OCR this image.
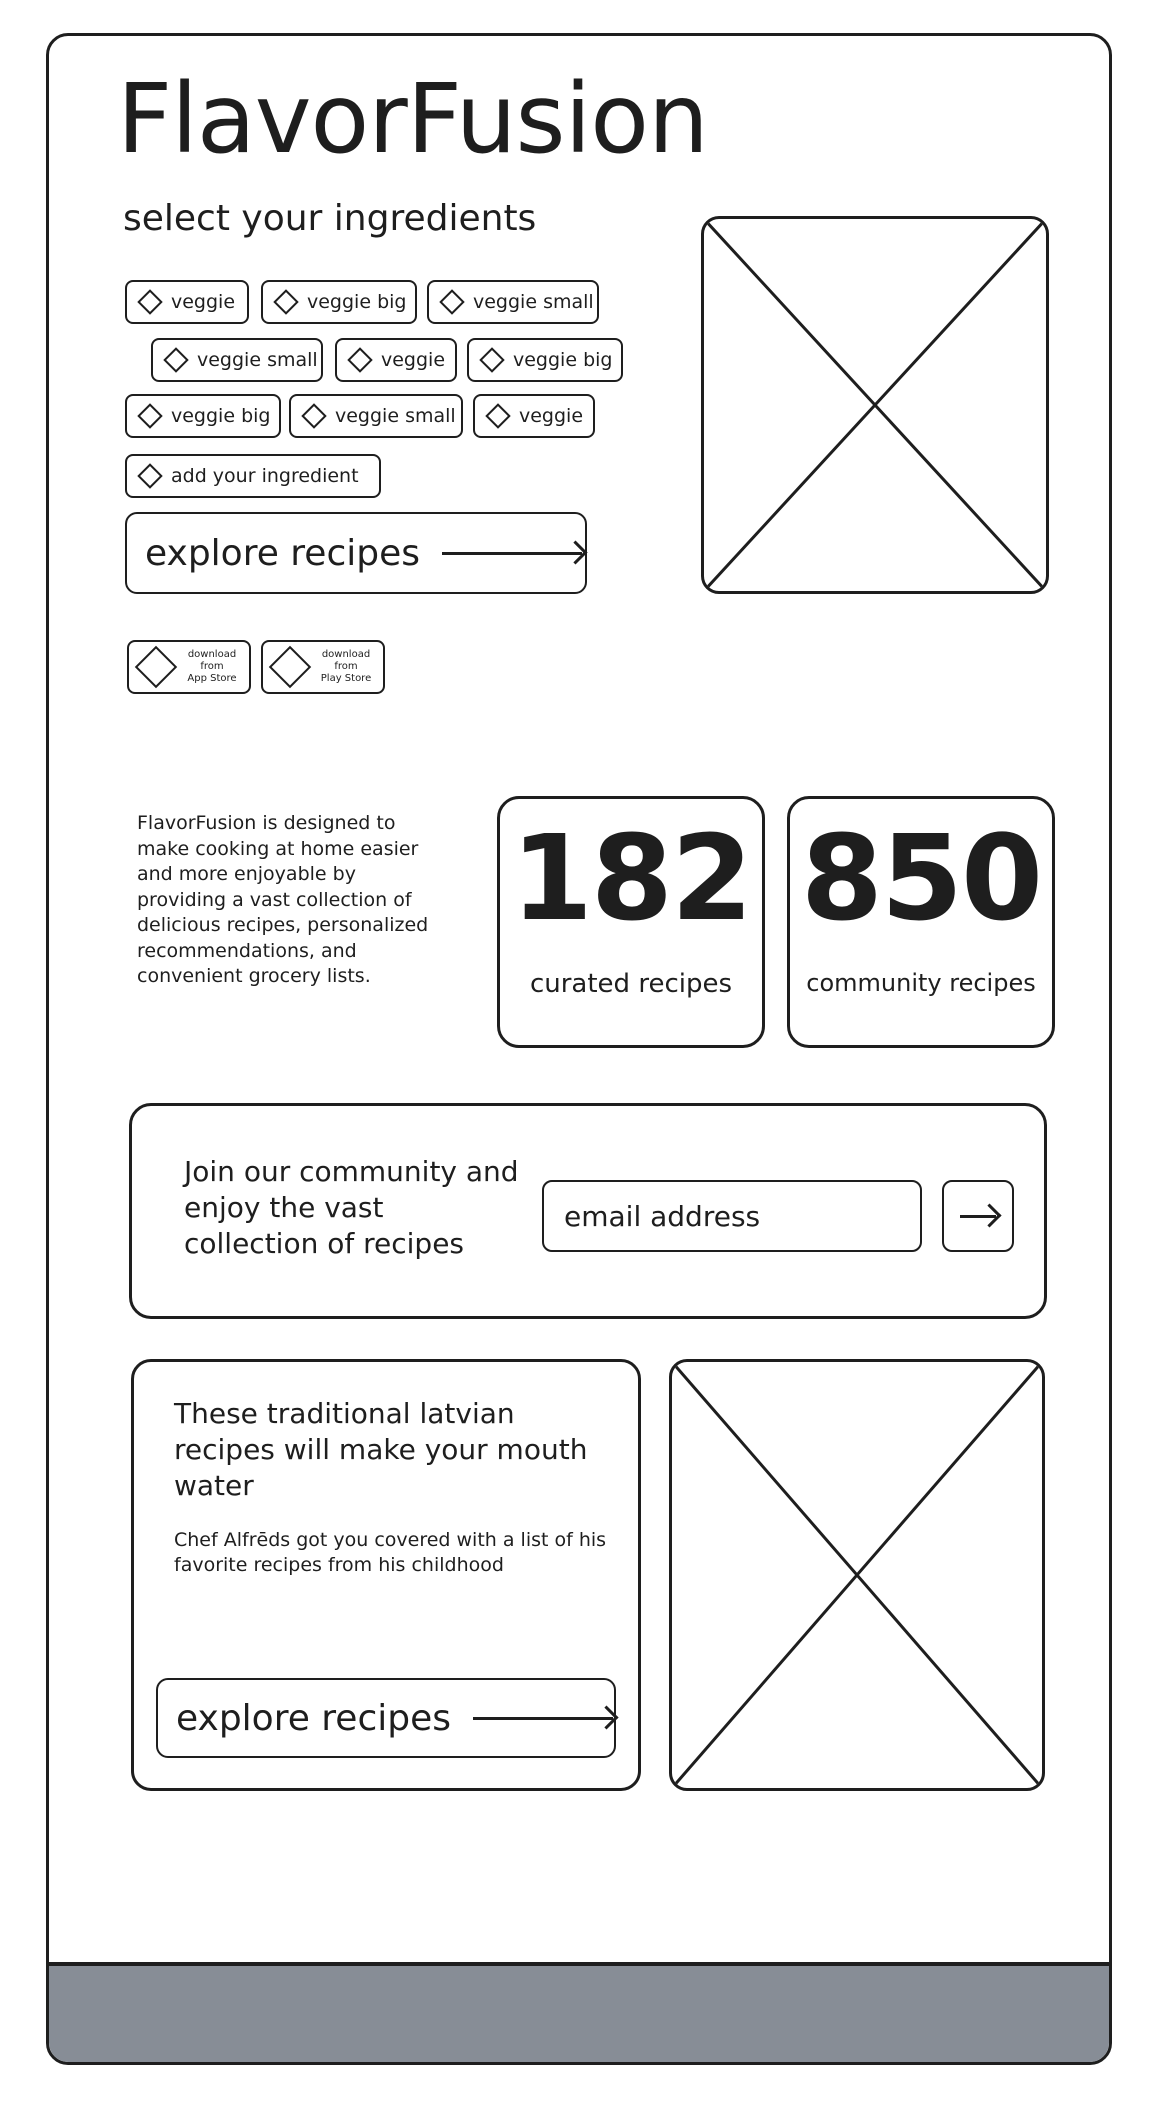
FlavorFusion
select your ingredients
veggie	veggie big	veggie small
veggie small	veggie	veggie big
veggie big	veggie small	veggie
add your ingredient
explore recipes
download
from
App Store
download
from
Play Store
FlavorFusion is designed to make cooking at home easier and more enjoyable by providing a vast collection of delicious recipes, personalized recommendations, and convenient grocery lists.
182
curated recipes
850
community recipes
Join our community and enjoy the vast collection of recipes
email address
These traditional latvian recipes will make your mouth water
Chef Alfrēds got you covered with a list of his favorite recipes from his childhood
explore recipes
